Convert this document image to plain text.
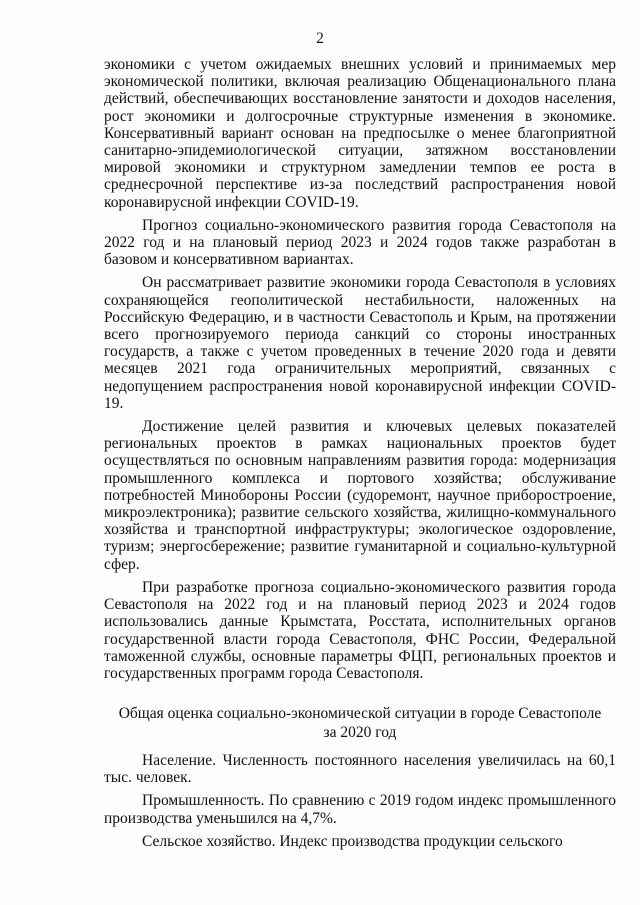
2

экономики с учетом ожидаемых внешних условий и принимаемых мер экономической политики, включая реализацию Общенационального плана действий, обеспечивающих восстановление занятости и доходов населения, рост экономики и долгосрочные структурные изменения в экономике. Консервативный вариант основан на предпосылке о менее благоприятной санитарно-эпидемиологической ситуации, затяжном восстановлении мировой экономики и структурном замедлении темпов ее роста в среднесрочной перспективе из-за последствий распространения новой коронавирусной инфекции COVID-19.

Прогноз социально-экономического развития города Севастополя на 2022 год и на плановый период 2023 и 2024 годов также разработан в базовом и консервативном вариантах.

Он рассматривает развитие экономики города Севастополя в условиях сохраняющейся геополитической нестабильности, наложенных на Российскую Федерацию, и в частности Севастополь и Крым, на протяжении всего прогнозируемого периода санкций со стороны иностранных государств, а также с учетом проведенных в течение 2020 года и девяти месяцев 2021 года ограничительных мероприятий, связанных с недопущением распространения новой коронавирусной инфекции COVID-19.

Достижение целей развития и ключевых целевых показателей региональных проектов в рамках национальных проектов будет осуществляться по основным направлениям развития города: модернизация промышленного комплекса и портового хозяйства; обслуживание потребностей Минобороны России (судоремонт, научное приборостроение, микроэлектроника); развитие сельского хозяйства, жилищно-коммунального хозяйства и транспортной инфраструктуры; экологическое оздоровление, туризм; энергосбережение; развитие гуманитарной и социально-культурной сфер.

При разработке прогноза социально-экономического развития города Севастополя на 2022 год и на плановый период 2023 и 2024 годов использовались данные Крымстата, Росстата, исполнительных органов государственной власти города Севастополя, ФНС России, Федеральной таможенной службы, основные параметры ФЦП, региональных проектов и государственных программ города Севастополя.

Общая оценка социально-экономической ситуации в городе Севастополе
за 2020 год

Население. Численность постоянного населения увеличилась на 60,1 тыс. человек.

Промышленность. По сравнению с 2019 годом индекс промышленного производства уменьшился на 4,7%.

Сельское хозяйство. Индекс производства продукции сельского
